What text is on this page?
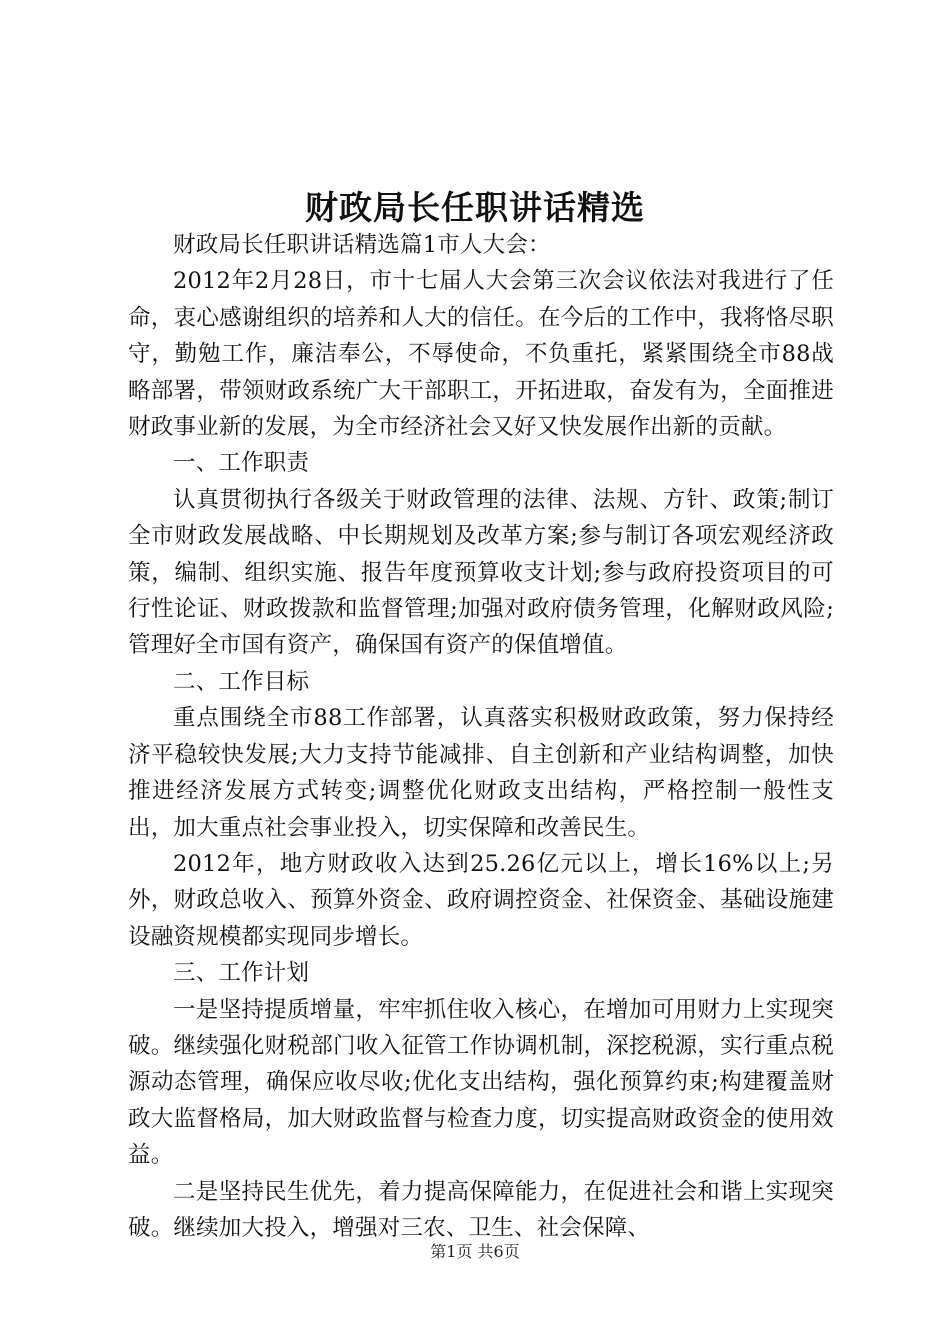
财政局长任职讲话精选

财政局长任职讲话精选篇1市人大会：

2012年2月28日，市十七届人大会第三次会议依法对我进行了任命，衷心感谢组织的培养和人大的信任。在今后的工作中，我将恪尽职守，勤勉工作，廉洁奉公，不辱使命，不负重托，紧紧围绕全市88战略部署，带领财政系统广大干部职工，开拓进取，奋发有为，全面推进财政事业新的发展，为全市经济社会又好又快发展作出新的贡献。

一、工作职责

认真贯彻执行各级关于财政管理的法律、法规、方针、政策;制订全市财政发展战略、中长期规划及改革方案;参与制订各项宏观经济政策，编制、组织实施、报告年度预算收支计划;参与政府投资项目的可行性论证、财政拨款和监督管理;加强对政府债务管理，化解财政风险;管理好全市国有资产，确保国有资产的保值增值。

二、工作目标

重点围绕全市88工作部署，认真落实积极财政政策，努力保持经济平稳较快发展;大力支持节能减排、自主创新和产业结构调整，加快推进经济发展方式转变;调整优化财政支出结构，严格控制一般性支出，加大重点社会事业投入，切实保障和改善民生。

2012年，地方财政收入达到25.26亿元以上，增长16%以上;另外，财政总收入、预算外资金、政府调控资金、社保资金、基础设施建设融资规模都实现同步增长。

三、工作计划

一是坚持提质增量，牢牢抓住收入核心，在增加可用财力上实现突破。继续强化财税部门收入征管工作协调机制，深挖税源，实行重点税源动态管理，确保应收尽收;优化支出结构，强化预算约束;构建覆盖财政大监督格局，加大财政监督与检查力度，切实提高财政资金的使用效益。

二是坚持民生优先，着力提高保障能力，在促进社会和谐上实现突破。继续加大投入，增强对三农、卫生、社会保障、

第1页 共6页
